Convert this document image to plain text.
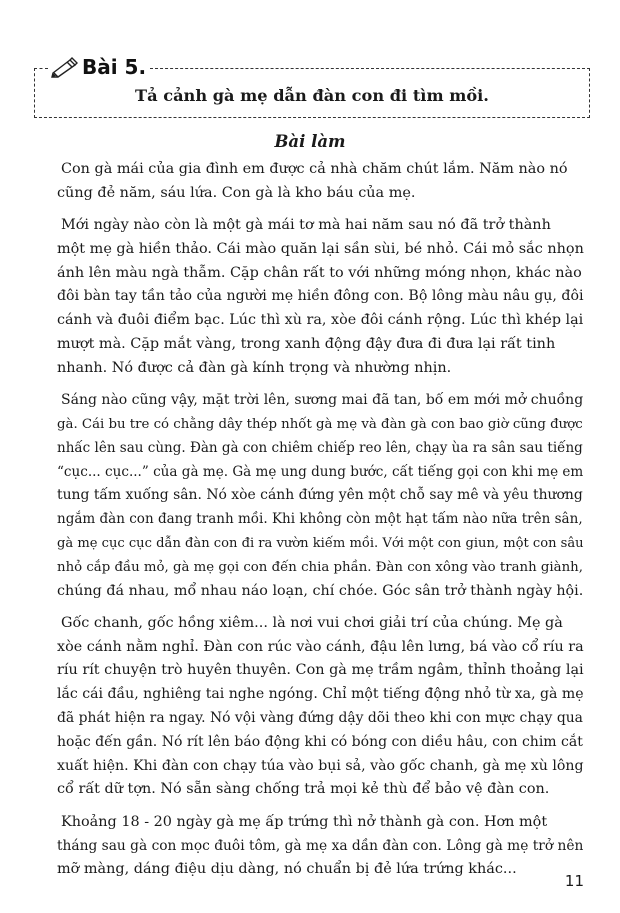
Bài 5.
Tả cảnh gà mẹ dẫn đàn con đi tìm mồi.
Bài làm
Con gà mái của gia đình em được cả nhà chăm chút lắm. Năm nào nó
cũng đẻ năm, sáu lứa. Con gà là kho báu của mẹ.
Mới ngày nào còn là một gà mái tơ mà hai năm sau nó đã trở thành
một mẹ gà hiền thảo. Cái mào quăn lại sần sùi, bé nhỏ. Cái mỏ sắc nhọn
ánh lên màu ngà thẫm. Cặp chân rất to với những móng nhọn, khác nào
đôi bàn tay tần tảo của người mẹ hiền đông con. Bộ lông màu nâu gụ, đôi
cánh và đuôi điểm bạc. Lúc thì xù ra, xòe đôi cánh rộng. Lúc thì khép lại
mượt mà. Cặp mắt vàng, trong xanh động đậy đưa đi đưa lại rất tinh
nhanh. Nó được cả đàn gà kính trọng và nhường nhịn.
Sáng nào cũng vậy, mặt trời lên, sương mai đã tan, bố em mới mở chuồng
gà. Cái bu tre có chằng dây thép nhốt gà mẹ và đàn gà con bao giờ cũng được
nhấc lên sau cùng. Đàn gà con chiêm chiếp reo lên, chạy ùa ra sân sau tiếng
“cục... cục...” của gà mẹ. Gà mẹ ung dung bước, cất tiếng gọi con khi mẹ em
tung tấm xuống sân. Nó xòe cánh đứng yên một chỗ say mê và yêu thương
ngắm đàn con đang tranh mồi. Khi không còn một hạt tấm nào nữa trên sân,
gà mẹ cục cục dẫn đàn con đi ra vườn kiếm mồi. Với một con giun, một con sâu
nhỏ cắp đầu mỏ, gà mẹ gọi con đến chia phần. Đàn con xông vào tranh giành,
chúng đá nhau, mổ nhau náo loạn, chí chóe. Góc sân trở thành ngày hội.
Gốc chanh, gốc hồng xiêm... là nơi vui chơi giải trí của chúng. Mẹ gà
xòe cánh nằm nghỉ. Đàn con rúc vào cánh, đậu lên lưng, bá vào cổ ríu ra
ríu rít chuyện trò huyên thuyên. Con gà mẹ trầm ngâm, thỉnh thoảng lại
lắc cái đầu, nghiêng tai nghe ngóng. Chỉ một tiếng động nhỏ từ xa, gà mẹ
đã phát hiện ra ngay. Nó vội vàng đứng dậy dõi theo khi con mực chạy qua
hoặc đến gần. Nó rít lên báo động khi có bóng con diều hâu, con chim cắt
xuất hiện. Khi đàn con chạy túa vào bụi sả, vào gốc chanh, gà mẹ xù lông
cổ rất dữ tợn. Nó sẵn sàng chống trả mọi kẻ thù để bảo vệ đàn con.
Khoảng 18 - 20 ngày gà mẹ ấp trứng thì nở thành gà con. Hơn một
tháng sau gà con mọc đuôi tôm, gà mẹ xa dần đàn con. Lông gà mẹ trở nên
mỡ màng, dáng điệu dịu dàng, nó chuẩn bị đẻ lứa trứng khác...
11
